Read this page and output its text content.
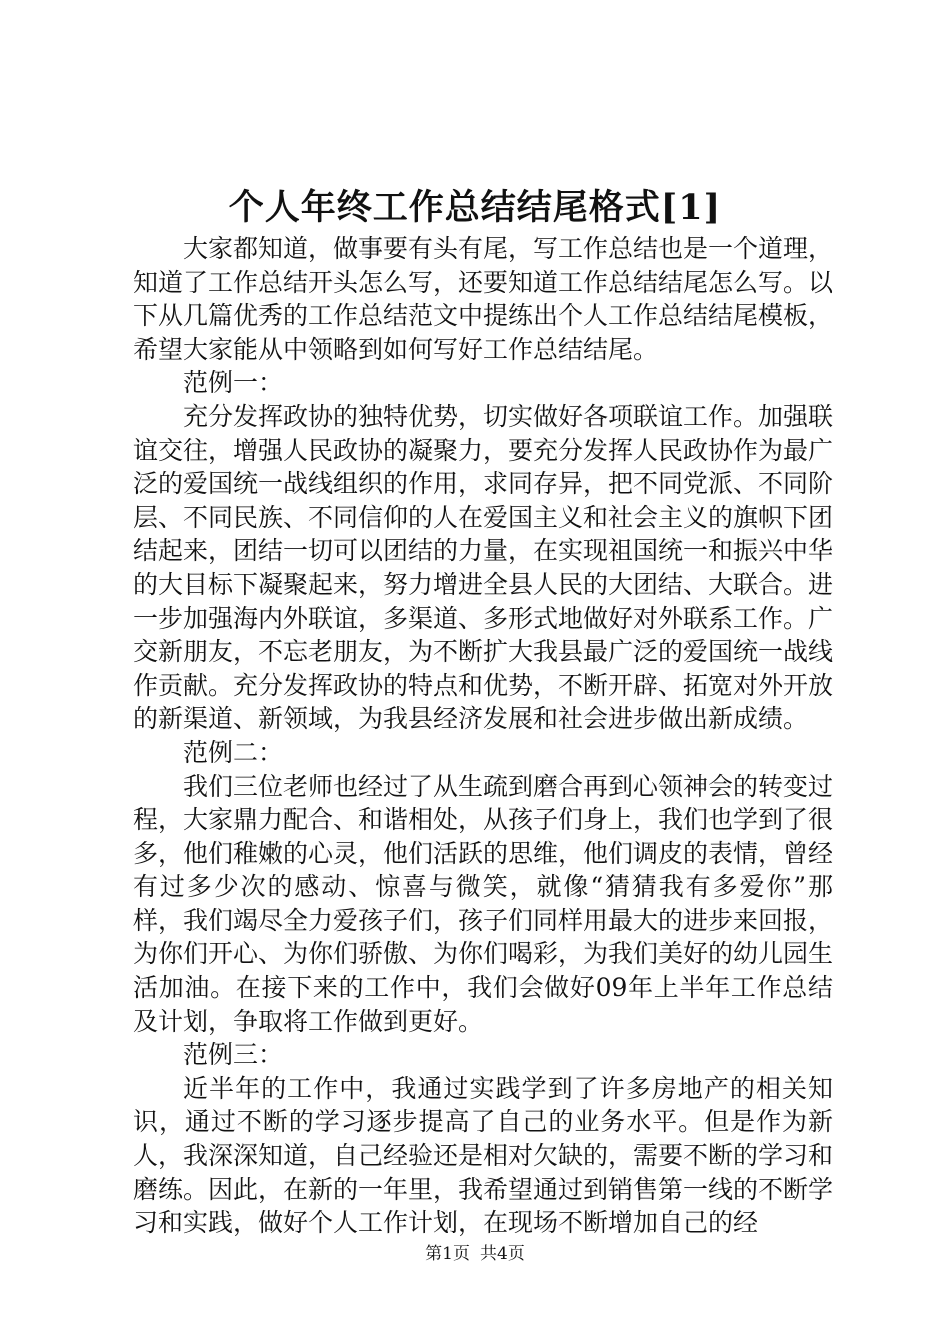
个人年终工作总结结尾格式[1]

大家都知道，做事要有头有尾，写工作总结也是一个道理，知道了工作总结开头怎么写，还要知道工作总结结尾怎么写。以下从几篇优秀的工作总结范文中提练出个人工作总结结尾模板，希望大家能从中领略到如何写好工作总结结尾。

范例一：

充分发挥政协的独特优势，切实做好各项联谊工作。加强联谊交往，增强人民政协的凝聚力，要充分发挥人民政协作为最广泛的爱国统一战线组织的作用，求同存异，把不同党派、不同阶层、不同民族、不同信仰的人在爱国主义和社会主义的旗帜下团结起来，团结一切可以团结的力量，在实现祖国统一和振兴中华的大目标下凝聚起来，努力增进全县人民的大团结、大联合。进一步加强海内外联谊，多渠道、多形式地做好对外联系工作。广交新朋友，不忘老朋友，为不断扩大我县最广泛的爱国统一战线作贡献。充分发挥政协的特点和优势，不断开辟、拓宽对外开放的新渠道、新领域，为我县经济发展和社会进步做出新成绩。

范例二：

我们三位老师也经过了从生疏到磨合再到心领神会的转变过程，大家鼎力配合、和谐相处，从孩子们身上，我们也学到了很多，他们稚嫩的心灵，他们活跃的思维，他们调皮的表情，曾经有过多少次的感动、惊喜与微笑，就像“猜猜我有多爱你”那样，我们竭尽全力爱孩子们，孩子们同样用最大的进步来回报，为你们开心、为你们骄傲、为你们喝彩，为我们美好的幼儿园生活加油。在接下来的工作中，我们会做好09年上半年工作总结及计划，争取将工作做到更好。

范例三：

近半年的工作中，我通过实践学到了许多房地产的相关知识，通过不断的学习逐步提高了自己的业务水平。但是作为新人，我深深知道，自己经验还是相对欠缺的，需要不断的学习和磨练。因此，在新的一年里，我希望通过到销售第一线的不断学习和实践，做好个人工作计划，在现场不断增加自己的经

第1页 共4页
